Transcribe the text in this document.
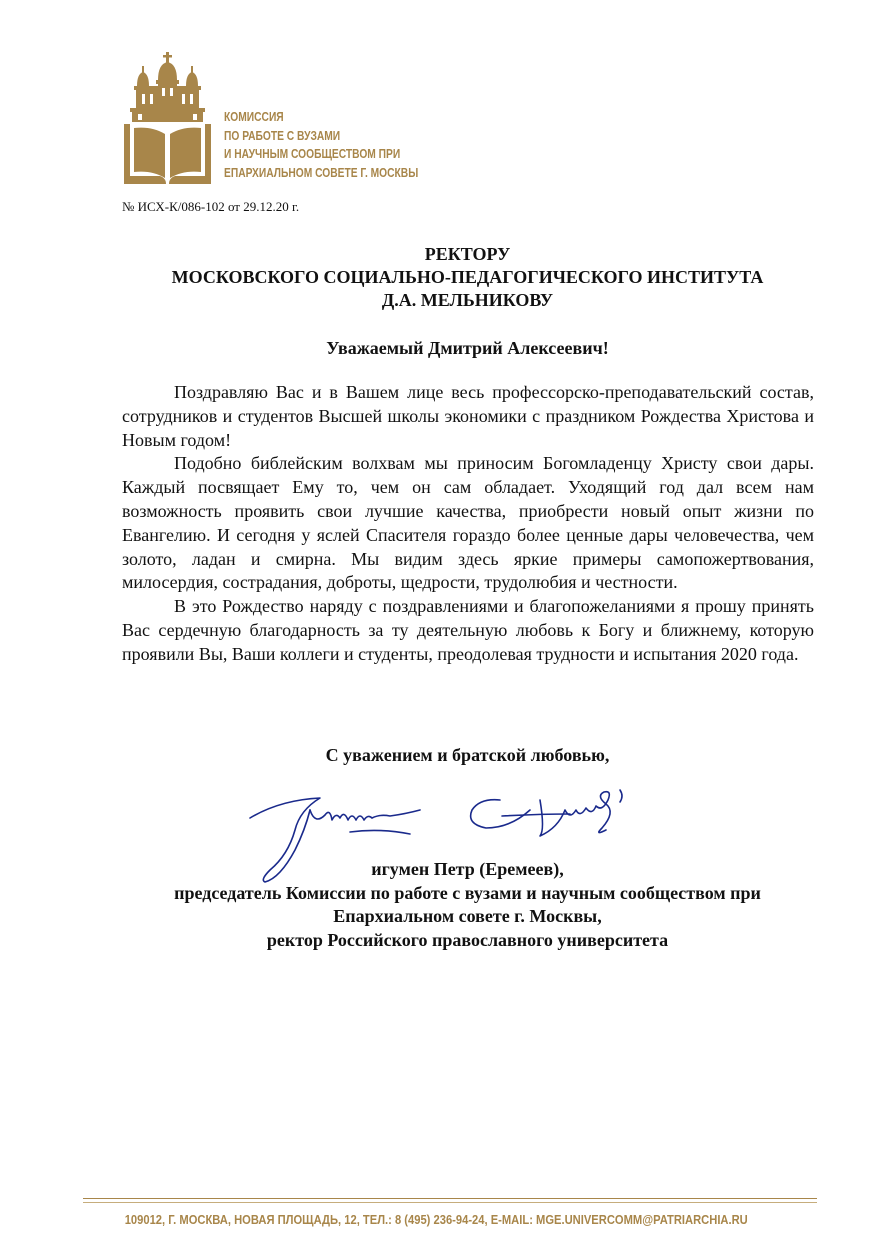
КОМИССИЯ
ПО РАБОТЕ С ВУЗАМИ
И НАУЧНЫМ СООБЩЕСТВОМ ПРИ
ЕПАРХИАЛЬНОМ СОВЕТЕ Г. МОСКВЫ
№ ИСХ-К/086-102 от 29.12.20 г.
РЕКТОРУ
МОСКОВСКОГО СОЦИАЛЬНО-ПЕДАГОГИЧЕСКОГО ИНСТИТУТА
Д.А. МЕЛЬНИКОВУ
Уважаемый Дмитрий Алексеевич!

Поздравляю Вас и в Вашем лице весь профессорско-преподавательский состав, сотрудников и студентов Высшей школы экономики с праздником Рождества Христова и Новым годом!

Подобно библейским волхвам мы приносим Богомладенцу Христу свои дары. Каждый посвящает Ему то, чем он сам обладает. Уходящий год дал всем нам возможность проявить свои лучшие качества, приобрести новый опыт жизни по Евангелию. И сегодня у яслей Спасителя гораздо более ценные дары человечества, чем золото, ладан и смирна. Мы видим здесь яркие примеры самопожертвования, милосердия, сострадания, доброты, щедрости, трудолюбия и честности.

В это Рождество наряду с поздравлениями и благопожеланиями я прошу принять Вас сердечную благодарность за ту деятельную любовь к Богу и ближнему, которую проявили Вы, Ваши коллеги и студенты, преодолевая трудности и испытания 2020 года.

С уважением и братской любовью,
игумен Петр (Еремеев),
председатель Комиссии по работе с вузами и научным сообществом при
Епархиальном совете г. Москвы,
ректор Российского православного университета
109012, Г. МОСКВА, НОВАЯ ПЛОЩАДЬ, 12, ТЕЛ.: 8 (495) 236-94-24, E-MAIL: MGE.UNIVERCOMM@PATRIARCHIA.RU
